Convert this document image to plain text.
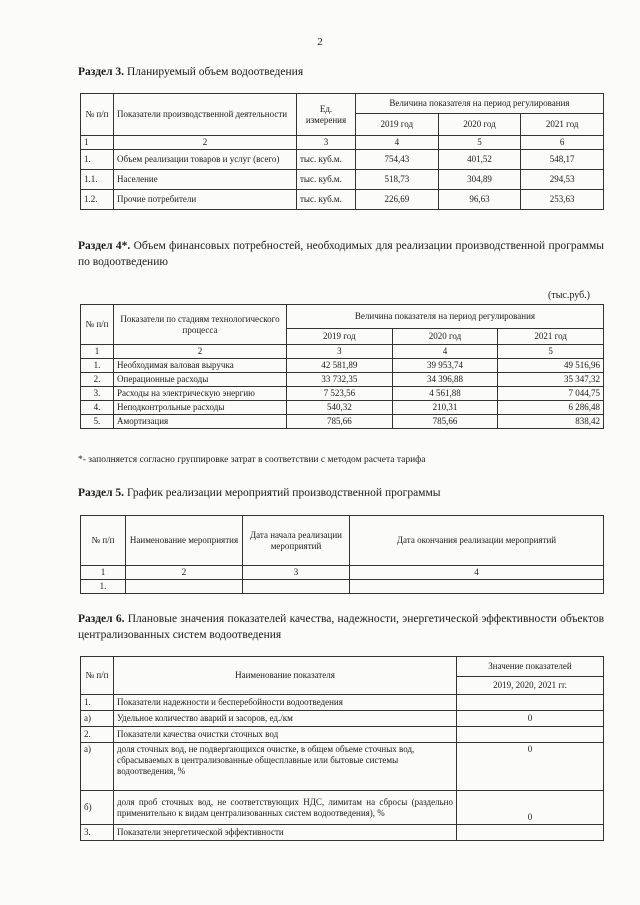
2
Раздел 3. Планируемый объем водоотведения
№ п/п	Показатели производственной деятельности	Ед. измерения	Величина показателя на период регулирования		
			2019 год	2020 год	2021 год
1	2	3	4	5	6
1.	Объем реализации товаров и услуг (всего)	тыс. куб.м.	754,43	401,52	548,17
1.1.	Население	тыс. куб.м.	518,73	304,89	294,53
1.2.	Прочие потребители	тыс. куб.м.	226,69	96,63	253,63
Раздел 4*. Объем финансовых потребностей, необходимых для реализации производственной программы по водоотведению
(тыс.руб.)
№ п/п	Показатели по стадиям технологического процесса	Величина показателя на период регулирования		
		2019 год	2020 год	2021 год
1	2	3	4	5
1.	Необходимая валовая выручка	42 581,89	39 953,74	49 516,96
2.	Операционные расходы	33 732,35	34 396,88	35 347,32
3.	Расходы на электрическую энергию	7 523,56	4 561,88	7 044,75
4.	Неподконтрольные расходы	540,32	210,31	6 286,48
5.	Амортизация	785,66	785,66	838,42
*- заполняется согласно группировке затрат в соответствии с методом расчета тарифа
Раздел 5. График реализации мероприятий производственной программы
№ п/п	Наименование мероприятия	Дата начала реализации мероприятий	Дата окончания реализации мероприятий
1	2	3	4
1.			
Раздел 6. Плановые значения показателей качества, надежности, энергетической эффективности объектов централизованных систем водоотведения
№ п/п	Наименование показателя	Значение показателей
		2019, 2020, 2021 гг.
1.	Показатели надежности и бесперебойности водоотведения	
а)	Удельное количество аварий и засоров, ед./км	0
2.	Показатели качества очистки сточных вод	
а)	доля сточных вод, не подвергающихся очистке, в общем объеме сточных вод, сбрасываемых в централизованные общесплавные или бытовые системы водоотведения, %	0
б)	доля проб сточных вод, не соответствующих НДС, лимитам на сбросы (раздельно применительно к видам централизованных систем водоотведения), %	0
3.	Показатели энергетической эффективности	
